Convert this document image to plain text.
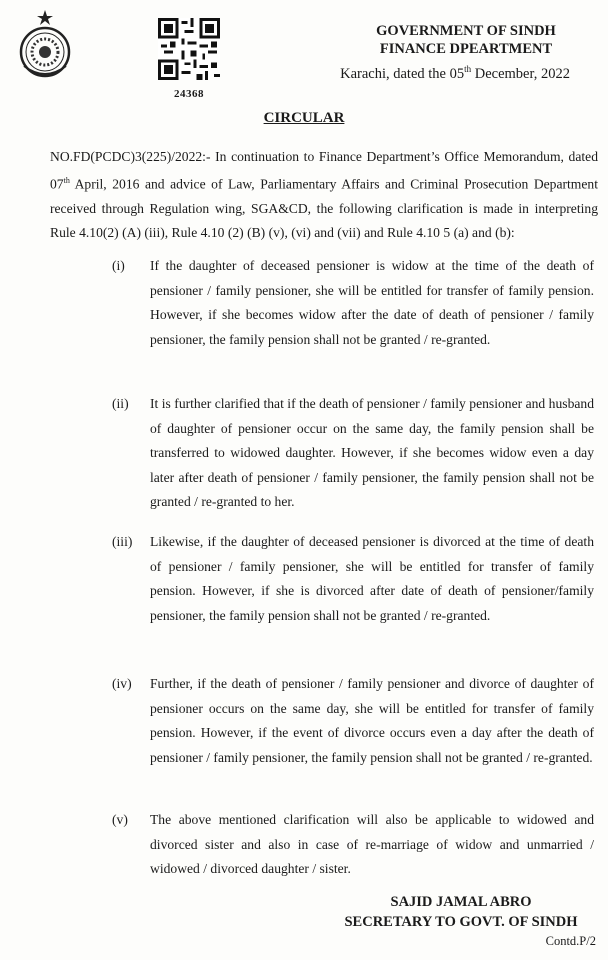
24368
GOVERNMENT OF SINDH
FINANCE DPEARTMENT
Karachi, dated the 05th December, 2022
CIRCULAR
NO.FD(PCDC)3(225)/2022:- In continuation to Finance Department’s Office Memorandum, dated 07th April, 2016 and advice of Law, Parliamentary Affairs and Criminal Prosecution Department received through Regulation wing, SGA&CD, the following clarification is made in interpreting Rule 4.10(2) (A) (iii), Rule 4.10 (2) (B) (v), (vi) and (vii) and Rule 4.10 5 (a) and (b):
(i) If the daughter of deceased pensioner is widow at the time of the death of pensioner / family pensioner, she will be entitled for transfer of family pension. However, if she becomes widow after the date of death of pensioner / family pensioner, the family pension shall not be granted / re-granted.
(ii) It is further clarified that if the death of pensioner / family pensioner and husband of daughter of pensioner occur on the same day, the family pension shall be transferred to widowed daughter. However, if she becomes widow even a day later after death of pensioner / family pensioner, the family pension shall not be granted / re-granted to her.
(iii) Likewise, if the daughter of deceased pensioner is divorced at the time of death of pensioner / family pensioner, she will be entitled for transfer of family pension. However, if she is divorced after date of death of pensioner/family pensioner, the family pension shall not be granted / re-granted.
(iv) Further, if the death of pensioner / family pensioner and divorce of daughter of pensioner occurs on the same day, she will be entitled for transfer of family pension. However, if the event of divorce occurs even a day after the death of pensioner / family pensioner, the family pension shall not be granted / re-granted.
(v) The above mentioned clarification will also be applicable to widowed and divorced sister and also in case of re-marriage of widow and unmarried / widowed / divorced daughter / sister.
SAJID JAMAL ABRO
SECRETARY TO GOVT. OF SINDH
Contd.P/2
